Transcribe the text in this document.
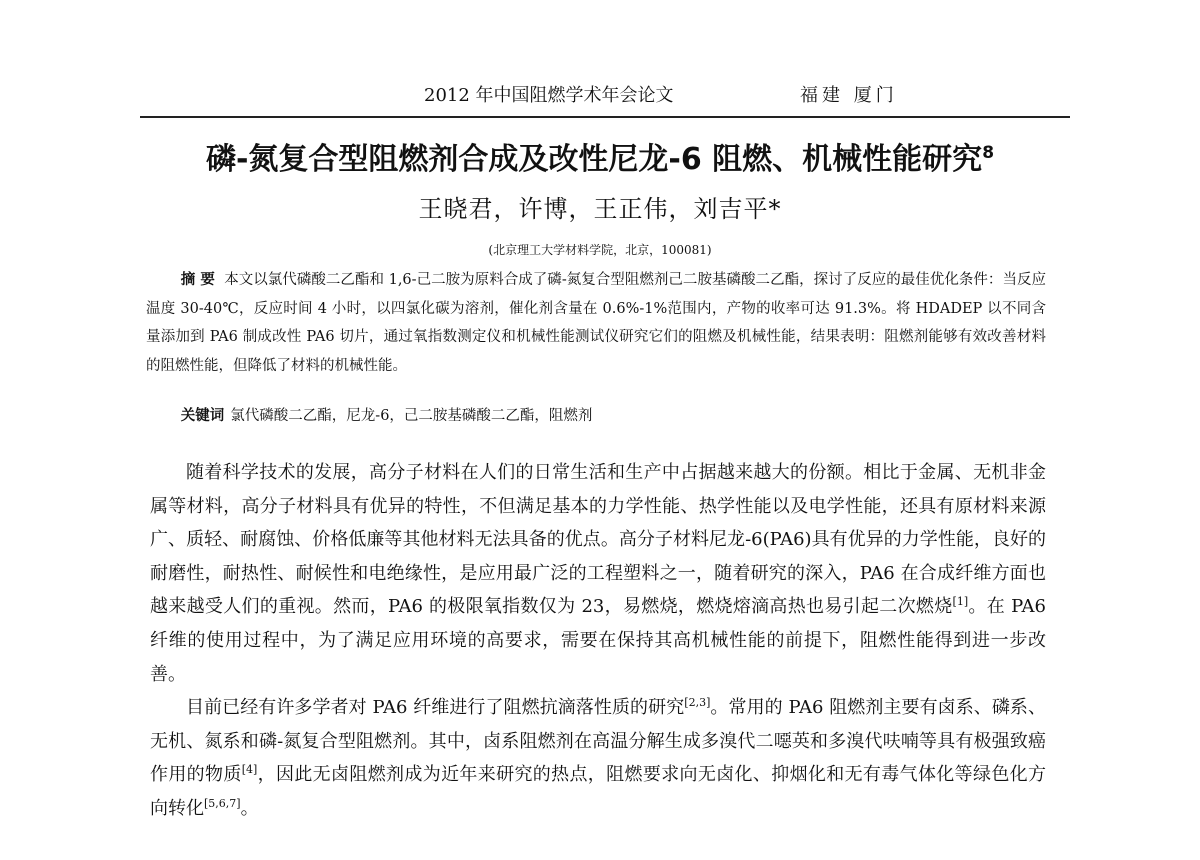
2012 年中国阻燃学术年会论文	福建 厦门
磷-氮复合型阻燃剂合成及改性尼龙-6 阻燃、机械性能研究$^8$
王晓君，许博，王正伟，刘吉平*
(北京理工大学材料学院，北京，100081)

摘 要 本文以氯代磷酸二乙酯和 1,6-己二胺为原料合成了磷-氮复合型阻燃剂己二胺基磷酸二乙酯，探讨了反应的最佳优化条件：当反应温度 30-40℃，反应时间 4 小时，以四氯化碳为溶剂，催化剂含量在 0.6%-1%范围内，产物的收率可达 91.3%。将 HDADEP 以不同含量添加到 PA6 制成改性 PA6 切片，通过氧指数测定仪和机械性能测试仪研究它们的阻燃及机械性能，结果表明：阻燃剂能够有效改善材料的阻燃性能，但降低了材料的机械性能。

关键词 氯代磷酸二乙酯，尼龙-6，己二胺基磷酸二乙酯，阻燃剂

随着科学技术的发展，高分子材料在人们的日常生活和生产中占据越来越大的份额。相比于金属、无机非金属等材料，高分子材料具有优异的特性，不但满足基本的力学性能、热学性能以及电学性能，还具有原材料来源广、质轻、耐腐蚀、价格低廉等其他材料无法具备的优点。高分子材料尼龙-6(PA6)具有优异的力学性能，良好的耐磨性，耐热性、耐候性和电绝缘性，是应用最广泛的工程塑料之一，随着研究的深入，PA6 在合成纤维方面也越来越受人们的重视。然而，PA6 的极限氧指数仅为 23，易燃烧，燃烧熔滴高热也易引起二次燃烧[1]。在 PA6 纤维的使用过程中，为了满足应用环境的高要求，需要在保持其高机械性能的前提下，阻燃性能得到进一步改善。

目前已经有许多学者对 PA6 纤维进行了阻燃抗滴落性质的研究[2,3]。常用的 PA6 阻燃剂主要有卤系、磷系、无机、氮系和磷-氮复合型阻燃剂。其中，卤系阻燃剂在高温分解生成多溴代二噁英和多溴代呋喃等具有极强致癌作用的物质[4]，因此无卤阻燃剂成为近年来研究的热点，阻燃要求向无卤化、抑烟化和无有毒气体化等绿色化方向转化[5,6,7]。
